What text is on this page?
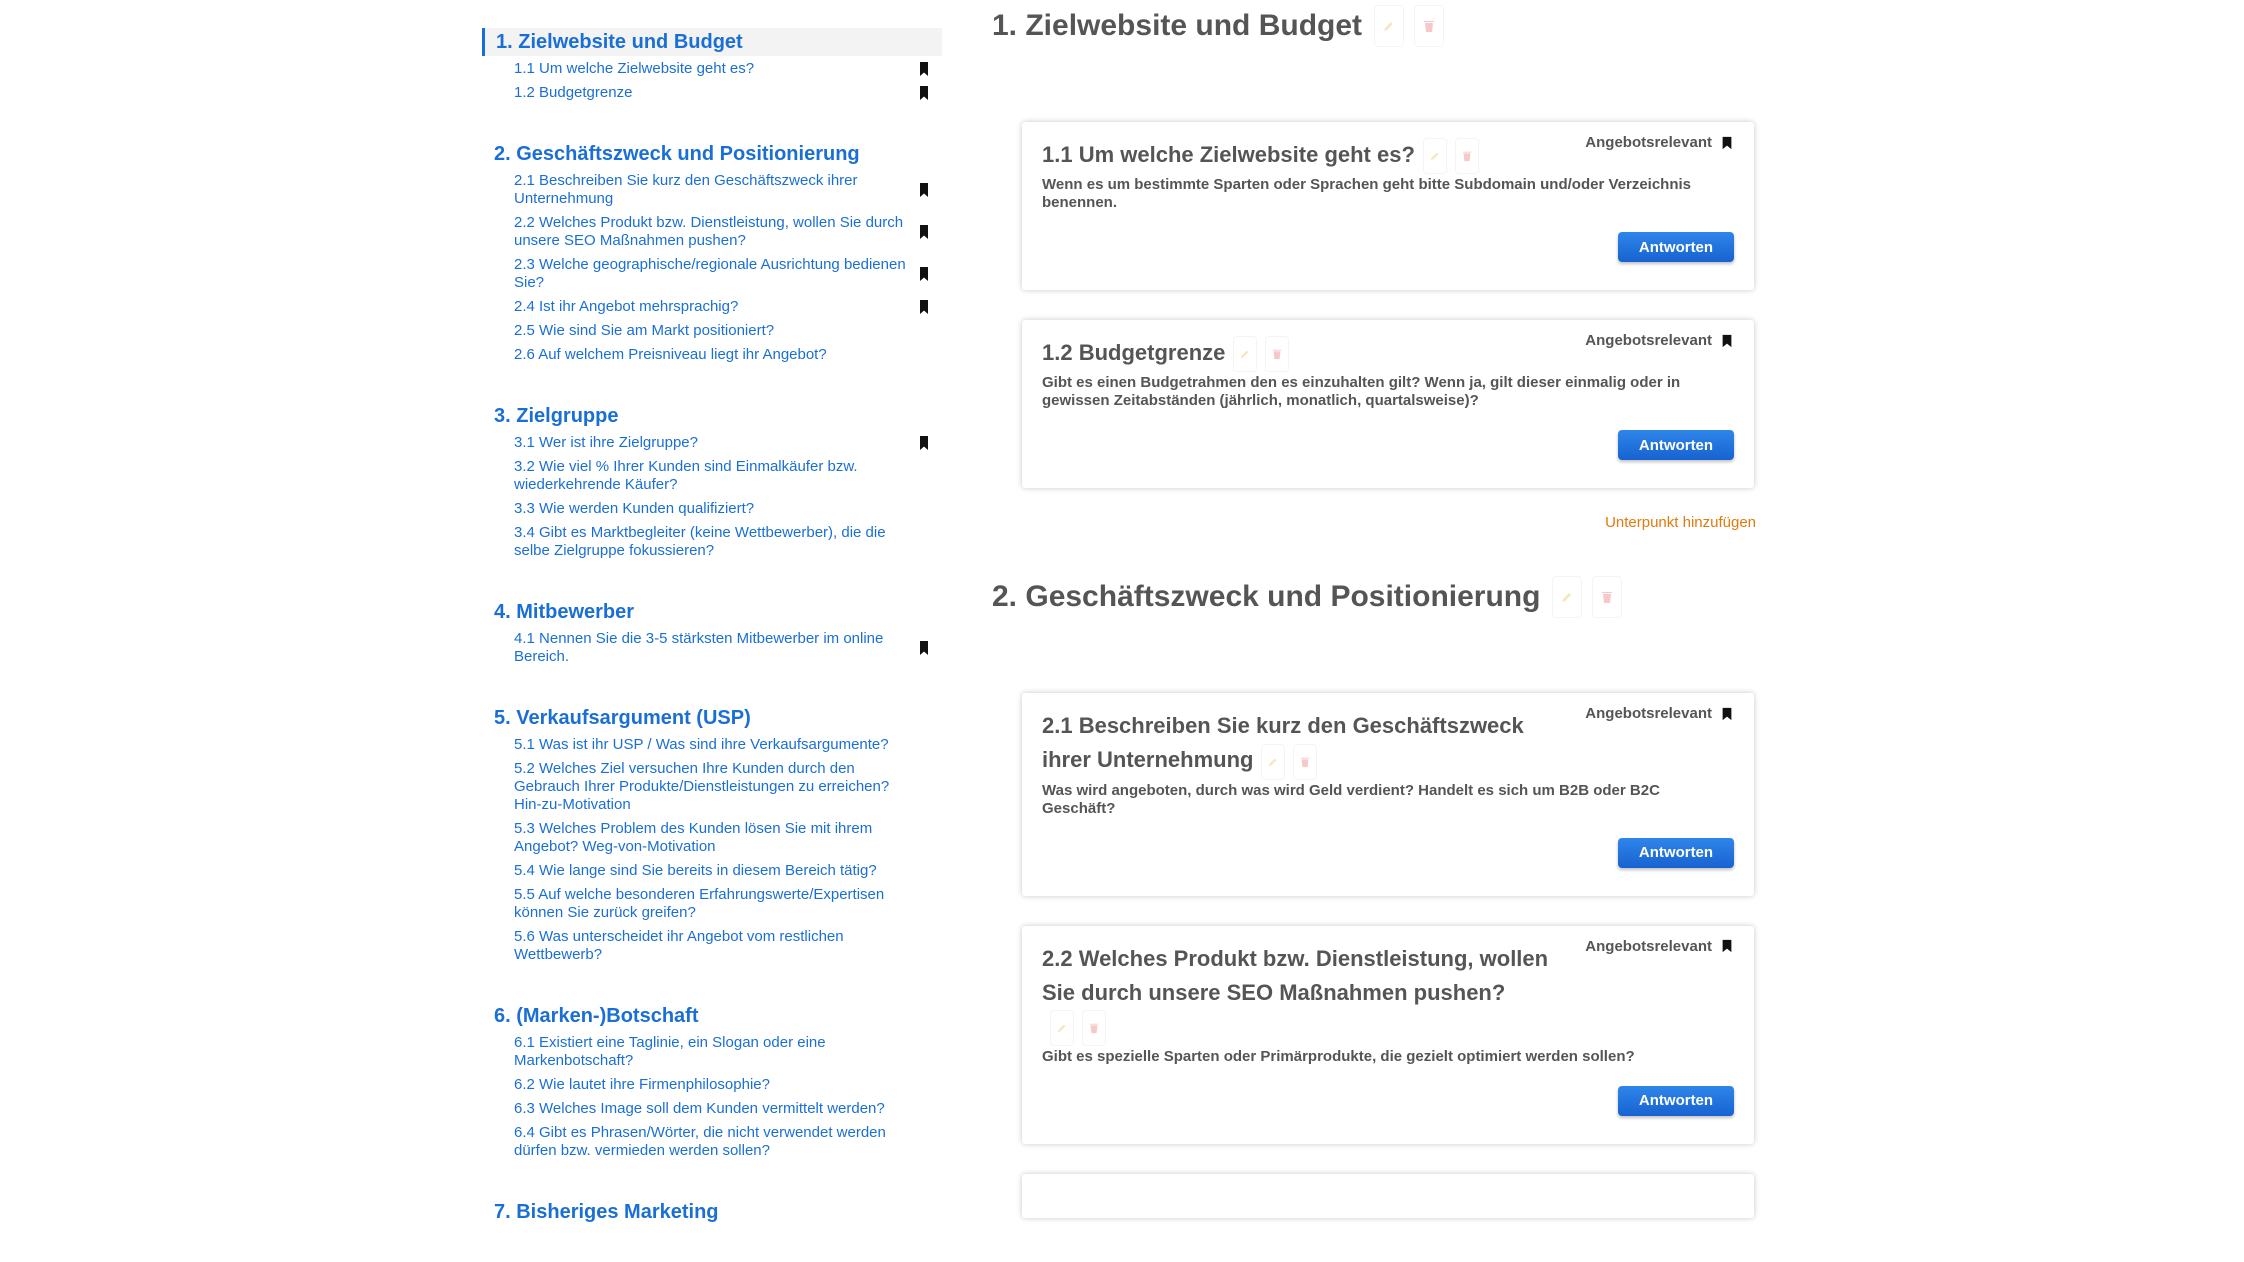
1. Zielwebsite und Budget
1.1 Um welche Zielwebsite geht es?
1.2 Budgetgrenze
2. Geschäftszweck und Positionierung
2.1 Beschreiben Sie kurz den Geschäftszweck ihrer Unternehmung
2.2 Welches Produkt bzw. Dienstleistung, wollen Sie durch unsere SEO Maßnahmen pushen?
2.3 Welche geographische/regionale Ausrichtung bedienen Sie?
2.4 Ist ihr Angebot mehrsprachig?
2.5 Wie sind Sie am Markt positioniert?
2.6 Auf welchem Preisniveau liegt ihr Angebot?
3. Zielgruppe
3.1 Wer ist ihre Zielgruppe?
3.2 Wie viel % Ihrer Kunden sind Einmalkäufer bzw. wiederkehrende Käufer?
3.3 Wie werden Kunden qualifiziert?
3.4 Gibt es Marktbegleiter (keine Wettbewerber), die die selbe Zielgruppe fokussieren?
4. Mitbewerber
4.1 Nennen Sie die 3-5 stärksten Mitbewerber im online Bereich.
5. Verkaufsargument (USP)
5.1 Was ist ihr USP / Was sind ihre Verkaufsargumente?
5.2 Welches Ziel versuchen Ihre Kunden durch den Gebrauch Ihrer Produkte/Dienstleistungen zu erreichen? Hin-zu-Motivation
5.3 Welches Problem des Kunden lösen Sie mit ihrem Angebot? Weg-von-Motivation
5.4 Wie lange sind Sie bereits in diesem Bereich tätig?
5.5 Auf welche besonderen Erfahrungswerte/Expertisen können Sie zurück greifen?
5.6 Was unterscheidet ihr Angebot vom restlichen Wettbewerb?
6. (Marken-)Botschaft
6.1 Existiert eine Taglinie, ein Slogan oder eine Markenbotschaft?
6.2 Wie lautet ihre Firmenphilosophie?
6.3 Welches Image soll dem Kunden vermittelt werden?
6.4 Gibt es Phrasen/Wörter, die nicht verwendet werden dürfen bzw. vermieden werden sollen?
7. Bisheriges Marketing
1. Zielwebsite und Budget
Angebotsrelevant
1.1 Um welche Zielwebsite geht es?
Wenn es um bestimmte Sparten oder Sprachen geht bitte Subdomain und/oder Verzeichnis benennen.
Antworten
Angebotsrelevant
1.2 Budgetgrenze
Gibt es einen Budgetrahmen den es einzuhalten gilt? Wenn ja, gilt dieser einmalig oder in gewissen Zeitabständen (jährlich, monatlich, quartalsweise)?
Antworten
Unterpunkt hinzufügen
2. Geschäftszweck und Positionierung
Angebotsrelevant
2.1 Beschreiben Sie kurz den Geschäftszweck ihrer Unternehmung
Was wird angeboten, durch was wird Geld verdient? Handelt es sich um B2B oder B2C Geschäft?
Antworten
Angebotsrelevant
2.2 Welches Produkt bzw. Dienstleistung, wollen Sie durch unsere SEO Maßnahmen pushen?
Gibt es spezielle Sparten oder Primärprodukte, die gezielt optimiert werden sollen?
Antworten
